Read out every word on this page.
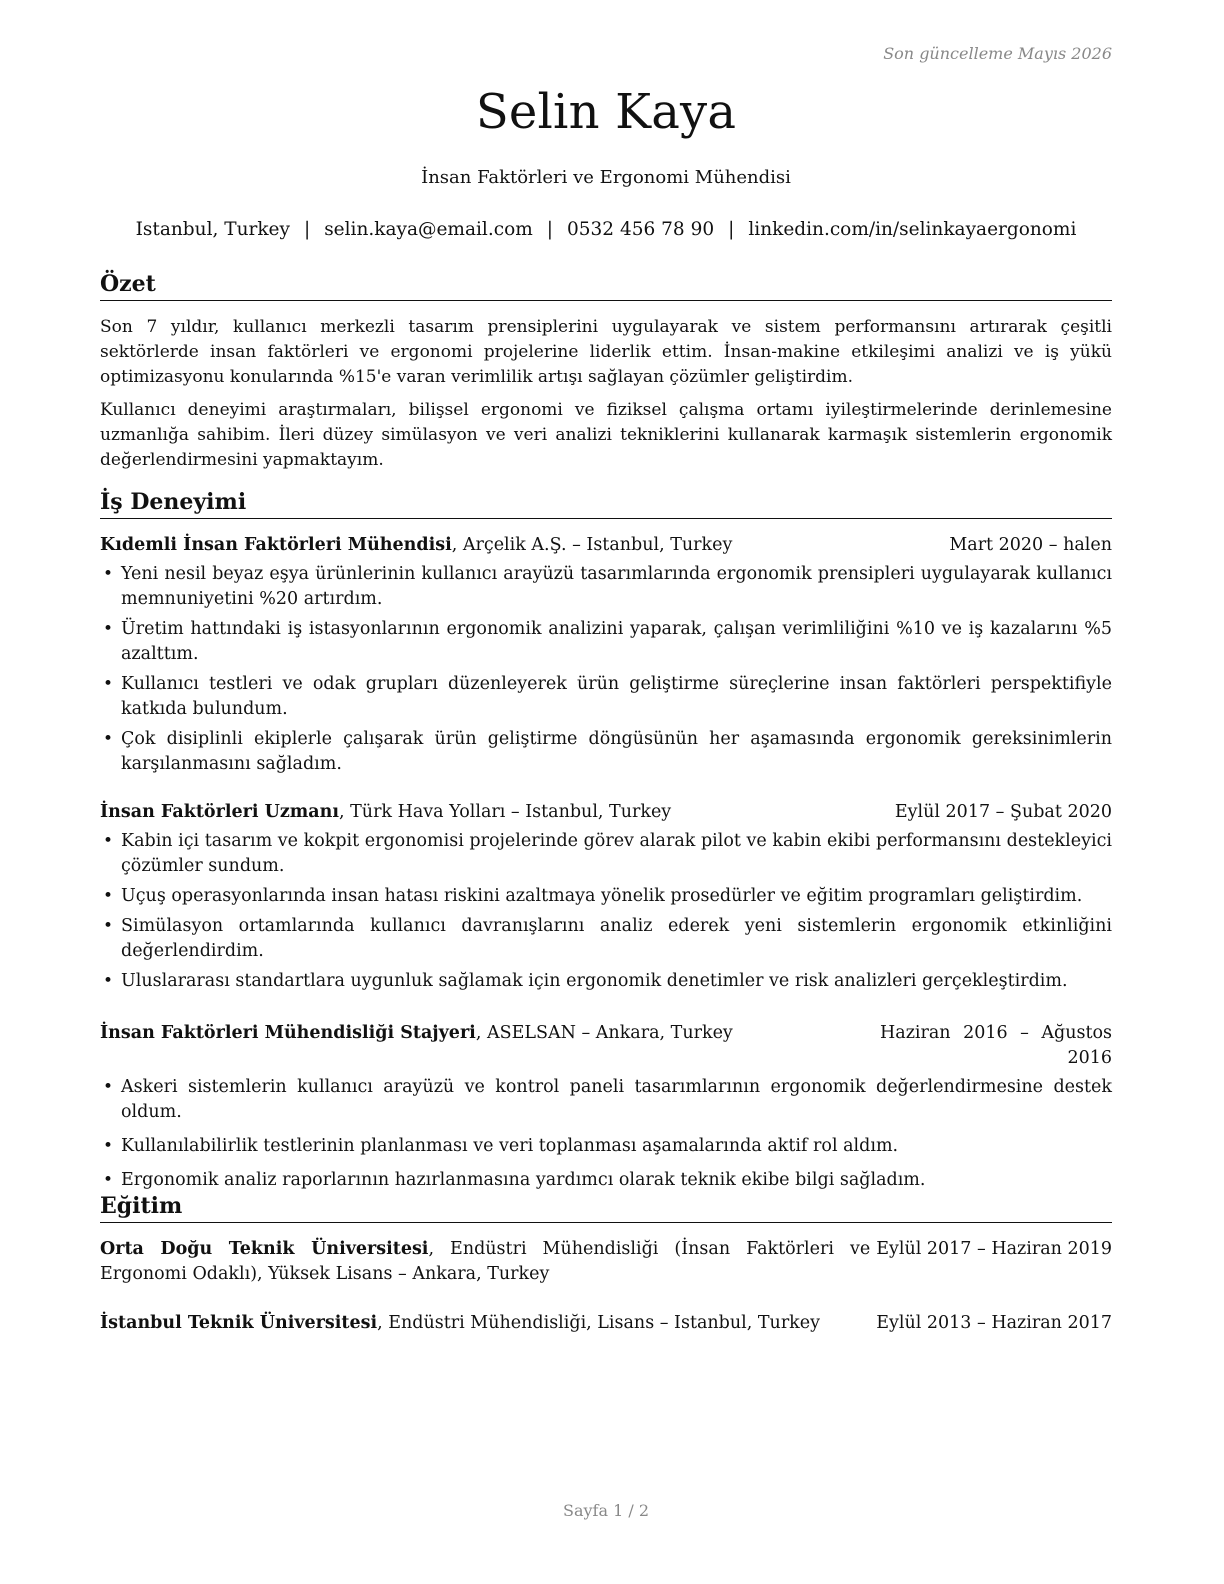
Son güncelleme Mayıs 2026
Selin Kaya
İnsan Faktörleri ve Ergonomi Mühendisi
Istanbul, Turkey | selin.kaya@email.com | 0532 456 78 90 | linkedin.com/in/selinkayaergonomi
Özet

Son 7 yıldır, kullanıcı merkezli tasarım prensiplerini uygulayarak ve sistem performansını artırarak çeşitli sektörlerde insan faktörleri ve ergonomi projelerine liderlik ettim. İnsan-makine etkileşimi analizi ve iş yükü optimizasyonu konularında %15'e varan verimlilik artışı sağlayan çözümler geliştirdim.

Kullanıcı deneyimi araştırmaları, bilişsel ergonomi ve fiziksel çalışma ortamı iyileştirmelerinde derinlemesine uzmanlığa sahibim. İleri düzey simülasyon ve veri analizi tekniklerini kullanarak karmaşık sistemlerin ergonomik değerlendirmesini yapmaktayım.

İş Deneyimi
Kıdemli İnsan Faktörleri Mühendisi, Arçelik A.Ş. – Istanbul, Turkey	Mart 2020 – halen
• Yeni nesil beyaz eşya ürünlerinin kullanıcı arayüzü tasarımlarında ergonomik prensipleri uygulayarak kullanıcı memnuniyetini %20 artırdım.
• Üretim hattındaki iş istasyonlarının ergonomik analizini yaparak, çalışan verimliliğini %10 ve iş kazalarını %5 azalttım.
• Kullanıcı testleri ve odak grupları düzenleyerek ürün geliştirme süreçlerine insan faktörleri perspektifiyle katkıda bulundum.
• Çok disiplinli ekiplerle çalışarak ürün geliştirme döngüsünün her aşamasında ergonomik gereksinimlerin karşılanmasını sağladım.
İnsan Faktörleri Uzmanı, Türk Hava Yolları – Istanbul, Turkey	Eylül 2017 – Şubat 2020
• Kabin içi tasarım ve kokpit ergonomisi projelerinde görev alarak pilot ve kabin ekibi performansını destekleyici çözümler sundum.
• Uçuş operasyonlarında insan hatası riskini azaltmaya yönelik prosedürler ve eğitim programları geliştirdim.
• Simülasyon ortamlarında kullanıcı davranışlarını analiz ederek yeni sistemlerin ergonomik etkinliğini değerlendirdim.
• Uluslararası standartlara uygunluk sağlamak için ergonomik denetimler ve risk analizleri gerçekleştirdim.
İnsan Faktörleri Mühendisliği Stajyeri, ASELSAN – Ankara, Turkey	Haziran 2016 – Ağustos 2016
• Askeri sistemlerin kullanıcı arayüzü ve kontrol paneli tasarımlarının ergonomik değerlendirmesine destek oldum.
• Kullanılabilirlik testlerinin planlanması ve veri toplanması aşamalarında aktif rol aldım.
• Ergonomik analiz raporlarının hazırlanmasına yardımcı olarak teknik ekibe bilgi sağladım.
Eğitim
Orta Doğu Teknik Üniversitesi, Endüstri Mühendisliği (İnsan Faktörleri ve Ergonomi Odaklı), Yüksek Lisans – Ankara, Turkey
Eylül 2017 – Haziran 2019
İstanbul Teknik Üniversitesi, Endüstri Mühendisliği, Lisans – Istanbul, Turkey	Eylül 2013 – Haziran 2017
Sayfa 1 / 2
